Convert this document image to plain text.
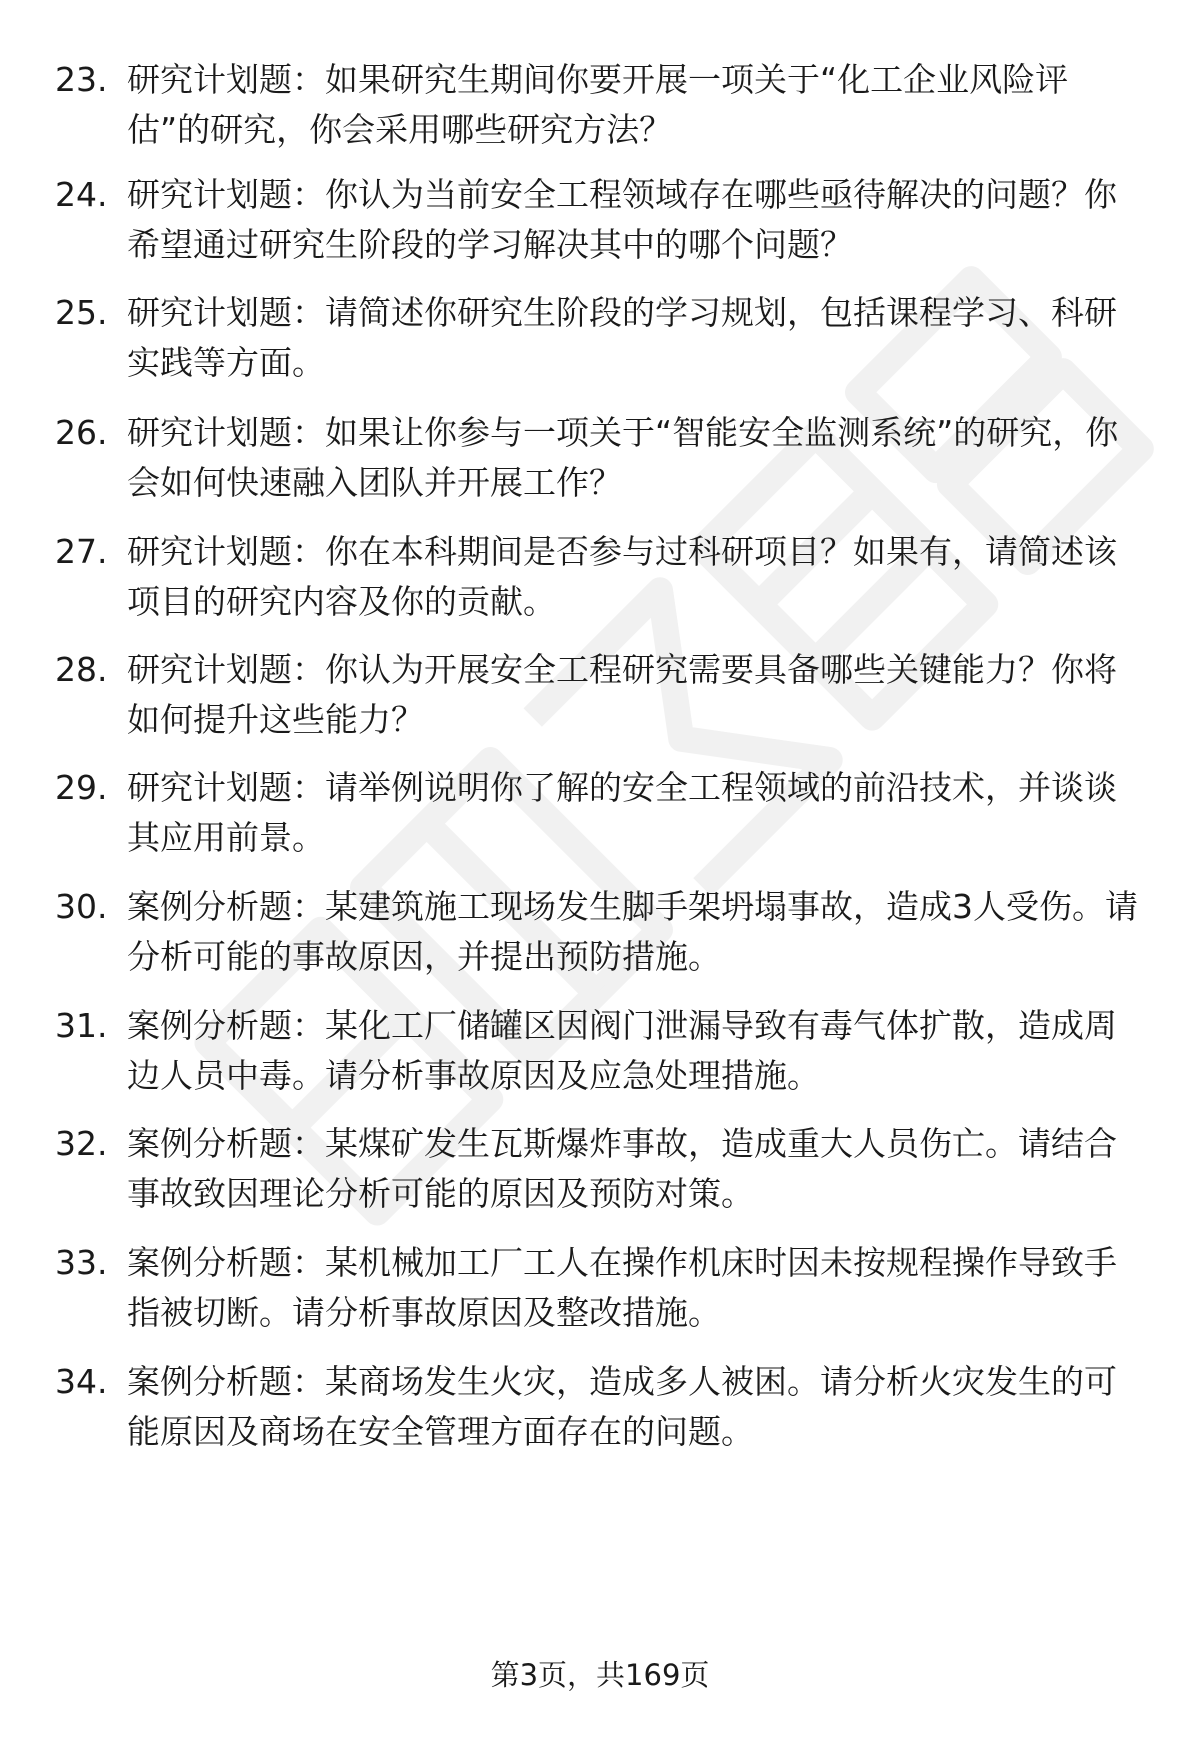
23. 研究计划题：如果研究生期间你要开展一项关于“化工企业风险评估”的研究，你会采用哪些研究方法？
24. 研究计划题：你认为当前安全工程领域存在哪些亟待解决的问题？你希望通过研究生阶段的学习解决其中的哪个问题？
25. 研究计划题：请简述你研究生阶段的学习规划，包括课程学习、科研实践等方面。
26. 研究计划题：如果让你参与一项关于“智能安全监测系统”的研究，你会如何快速融入团队并开展工作？
27. 研究计划题：你在本科期间是否参与过科研项目？如果有，请简述该项目的研究内容及你的贡献。
28. 研究计划题：你认为开展安全工程研究需要具备哪些关键能力？你将如何提升这些能力？
29. 研究计划题：请举例说明你了解的安全工程领域的前沿技术，并谈谈其应用前景。
30. 案例分析题：某建筑施工现场发生脚手架坍塌事故，造成3人受伤。请分析可能的事故原因，并提出预防措施。
31. 案例分析题：某化工厂储罐区因阀门泄漏导致有毒气体扩散，造成周边人员中毒。请分析事故原因及应急处理措施。
32. 案例分析题：某煤矿发生瓦斯爆炸事故，造成重大人员伤亡。请结合事故致因理论分析可能的原因及预防对策。
33. 案例分析题：某机械加工厂工人在操作机床时因未按规程操作导致手指被切断。请分析事故原因及整改措施。
34. 案例分析题：某商场发生火灾，造成多人被困。请分析火灾发生的可能原因及商场在安全管理方面存在的问题。
第3页，共169页
